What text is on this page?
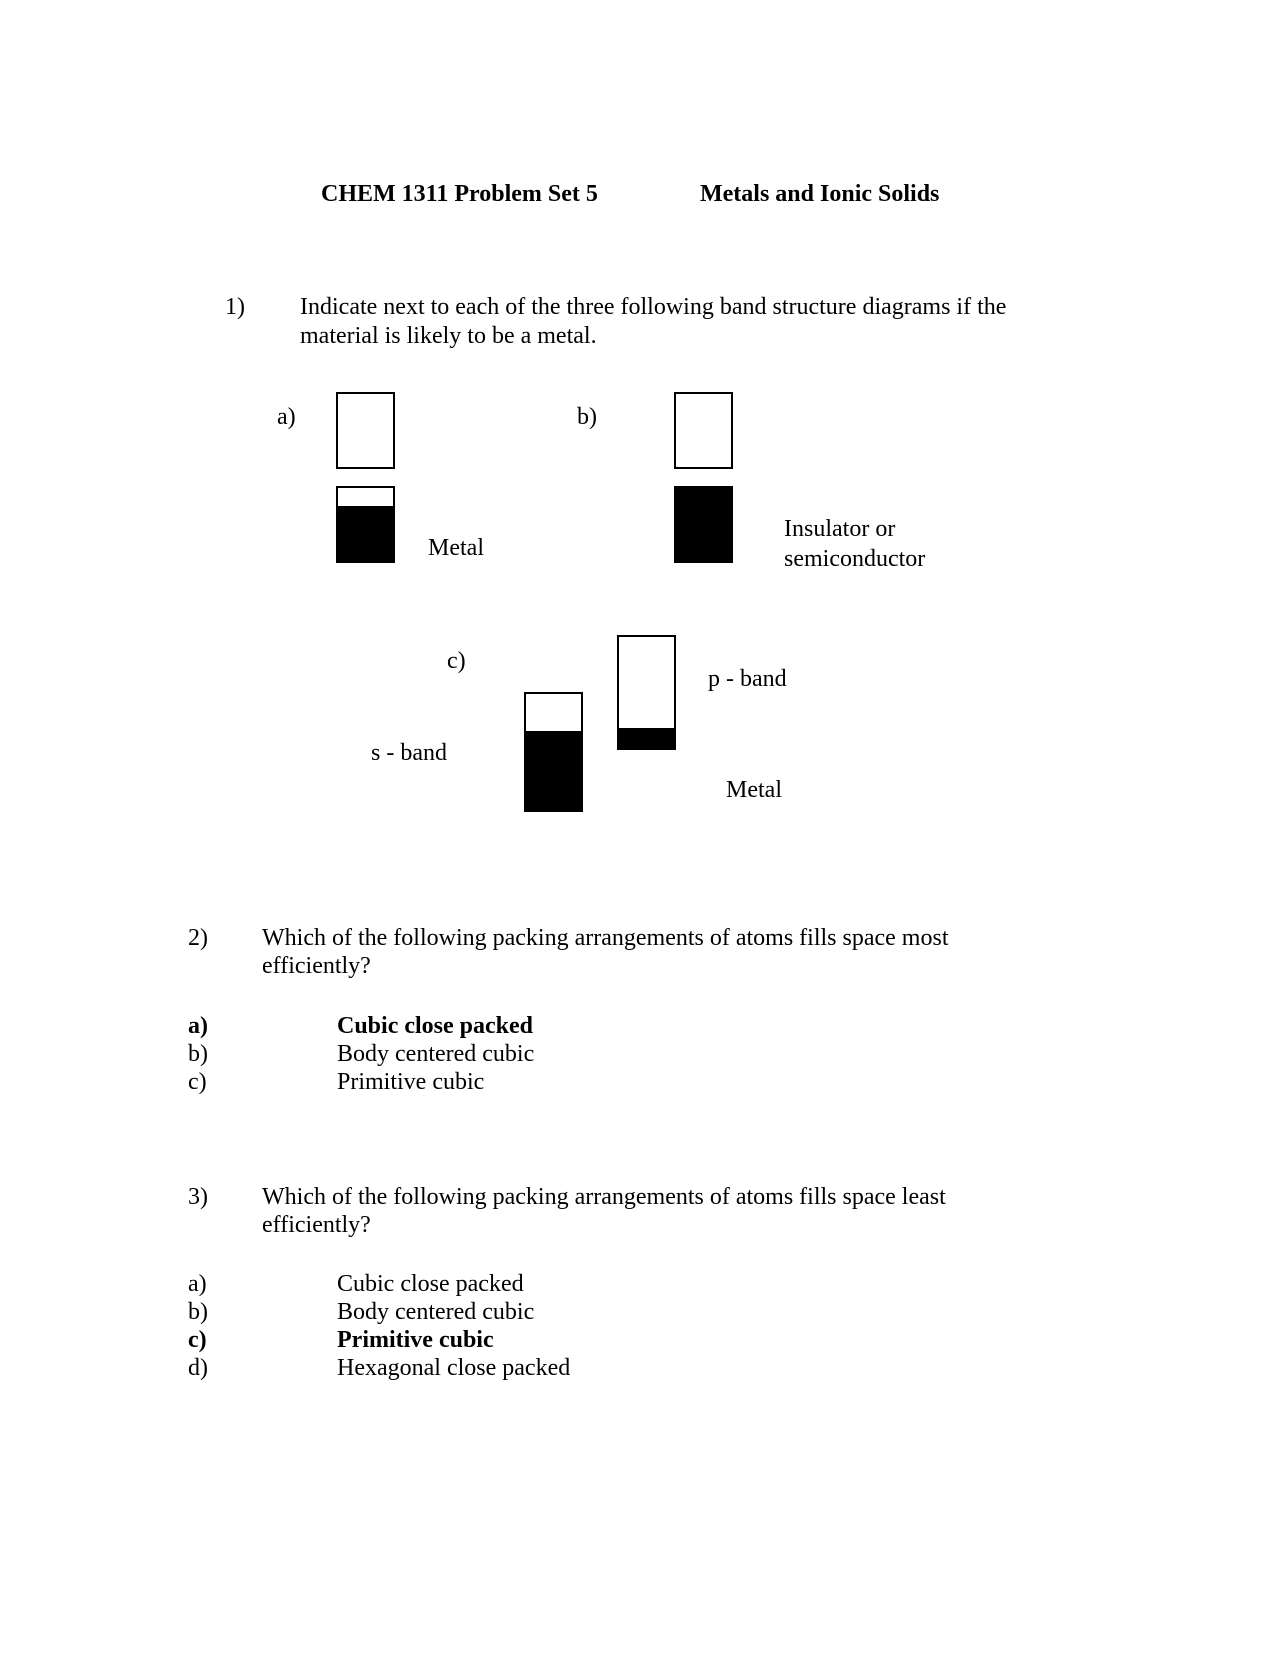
CHEM 1311 Problem Set 5	Metals and Ionic Solids
1) Indicate next to each of the three following band structure diagrams if the
material is likely to be a metal.
a)
Metal
b)
Insulator or
semiconductor
c)
s - band
p - band
Metal
2) Which of the following packing arrangements of atoms fills space most
efficiently?
a)	Cubic close packed
b)	Body centered cubic
c)	Primitive cubic
3) Which of the following packing arrangements of atoms fills space least
efficiently?
a)	Cubic close packed
b)	Body centered cubic
c)	Primitive cubic
d)	Hexagonal close packed
